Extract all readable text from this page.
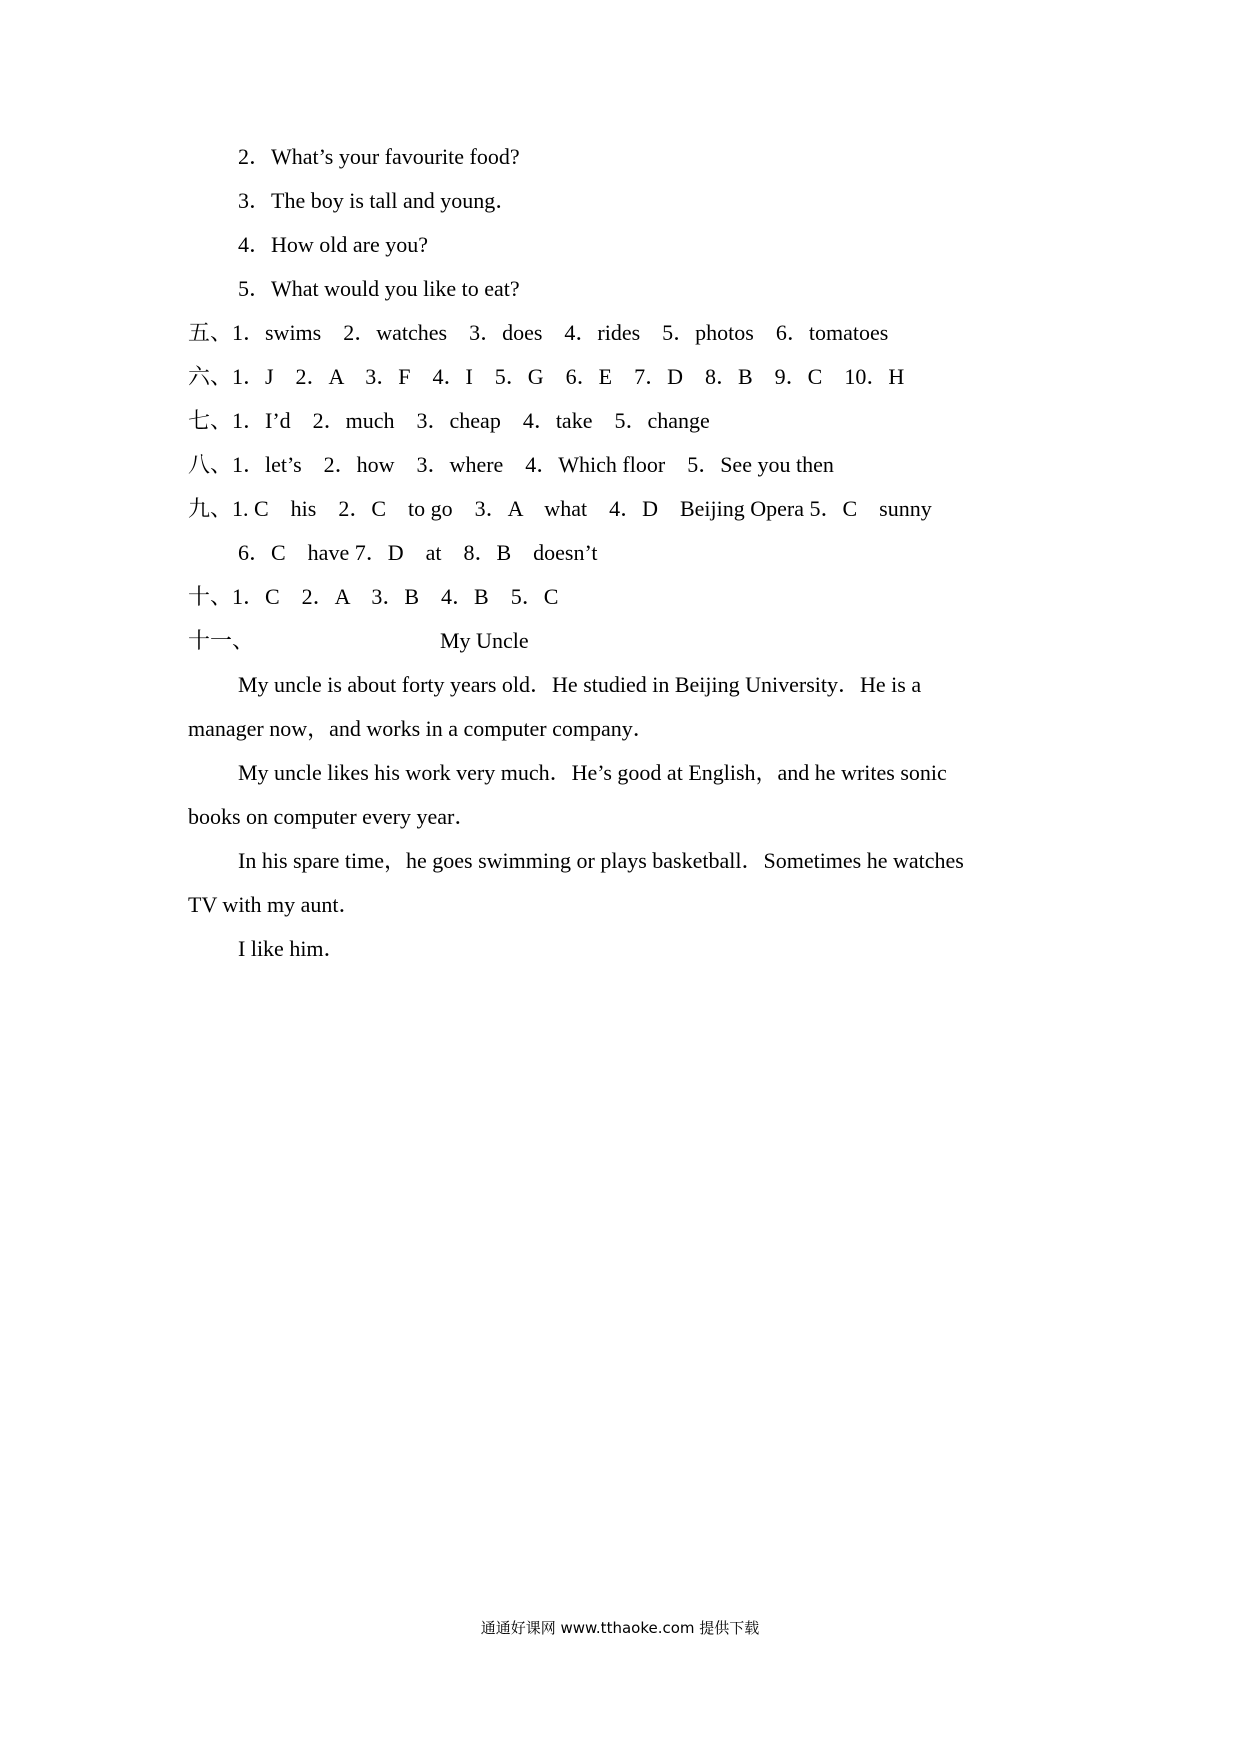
2．What’s your favourite food?
3．The boy is tall and young．
4．How old are you?
5．What would you like to eat?
五、1．swims　2．watches　3．does　4．rides　5．photos　6．tomatoes
六、1．J　2．A　3．F　4．I　5．G　6．E　7．D　8．B　9．C　10．H
七、1．I’d　2．much　3．cheap　4．take　5．change
八、1．let’s　2．how　3．where　4．Which floor　5．See you then
九、1. C　his　2．C　to go　3．A　what　4．D　Beijing Opera 5．C　sunny
6．C　have 7．D　at　8．B　doesn’t
十、1．C　2．A　3．B　4．B　5．C
十一、	My Uncle
My uncle is about forty years old．He studied in Beijing University．He is a
manager now，and works in a computer company．
My uncle likes his work very much．He’s good at English，and he writes sonic
books on computer every year．
In his spare time，he goes swimming or plays basketball．Sometimes he watches
TV with my aunt．
I like him．
通通好课网 www.tthaoke.com 提供下载
